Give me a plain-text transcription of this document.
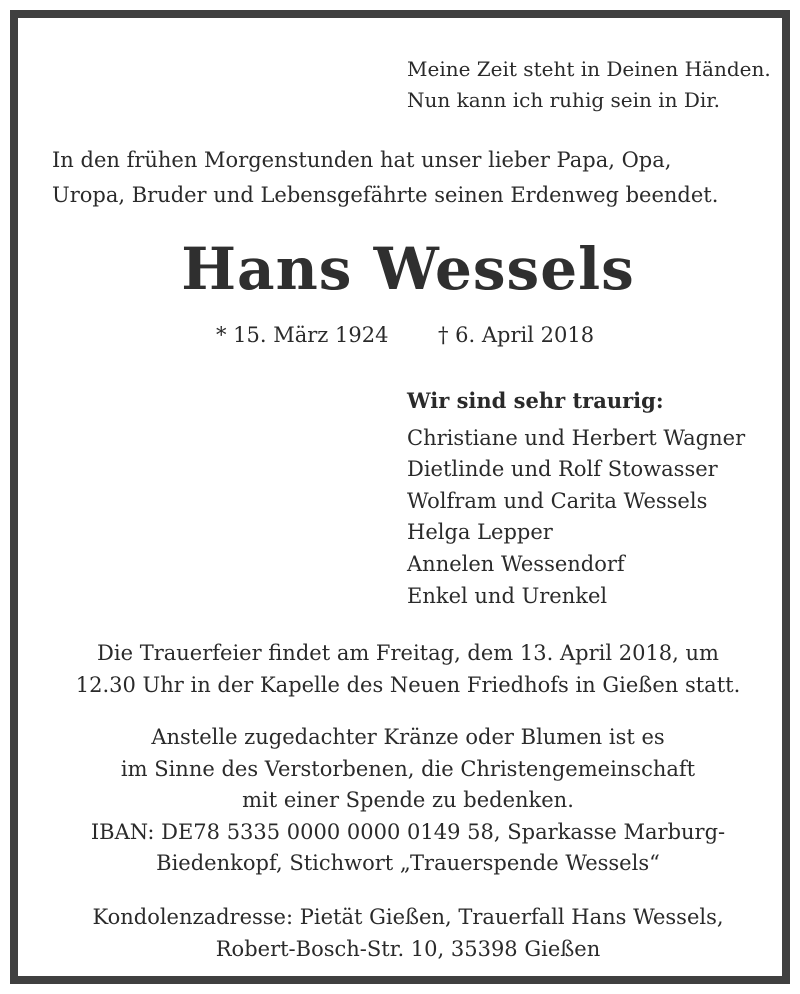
Meine Zeit steht in Deinen Händen.
Nun kann ich ruhig sein in Dir.
In den frühen Morgenstunden hat unser lieber Papa, Opa,
Uropa, Bruder und Lebensgefährte seinen Erdenweg beendet.
Hans Wessels
* 15. März 1924 † 6. April 2018
Wir sind sehr traurig:
Christiane und Herbert Wagner
Dietlinde und Rolf Stowasser
Wolfram und Carita Wessels
Helga Lepper
Annelen Wessendorf
Enkel und Urenkel
Die Trauerfeier findet am Freitag, dem 13. April 2018, um
12.30 Uhr in der Kapelle des Neuen Friedhofs in Gießen statt.
Anstelle zugedachter Kränze oder Blumen ist es
im Sinne des Verstorbenen, die Christengemeinschaft
mit einer Spende zu bedenken.
IBAN: DE78 5335 0000 0000 0149 58, Sparkasse Marburg-
Biedenkopf, Stichwort „Trauerspende Wessels“
Kondolenzadresse: Pietät Gießen, Trauerfall Hans Wessels,
Robert-Bosch-Str. 10, 35398 Gießen
